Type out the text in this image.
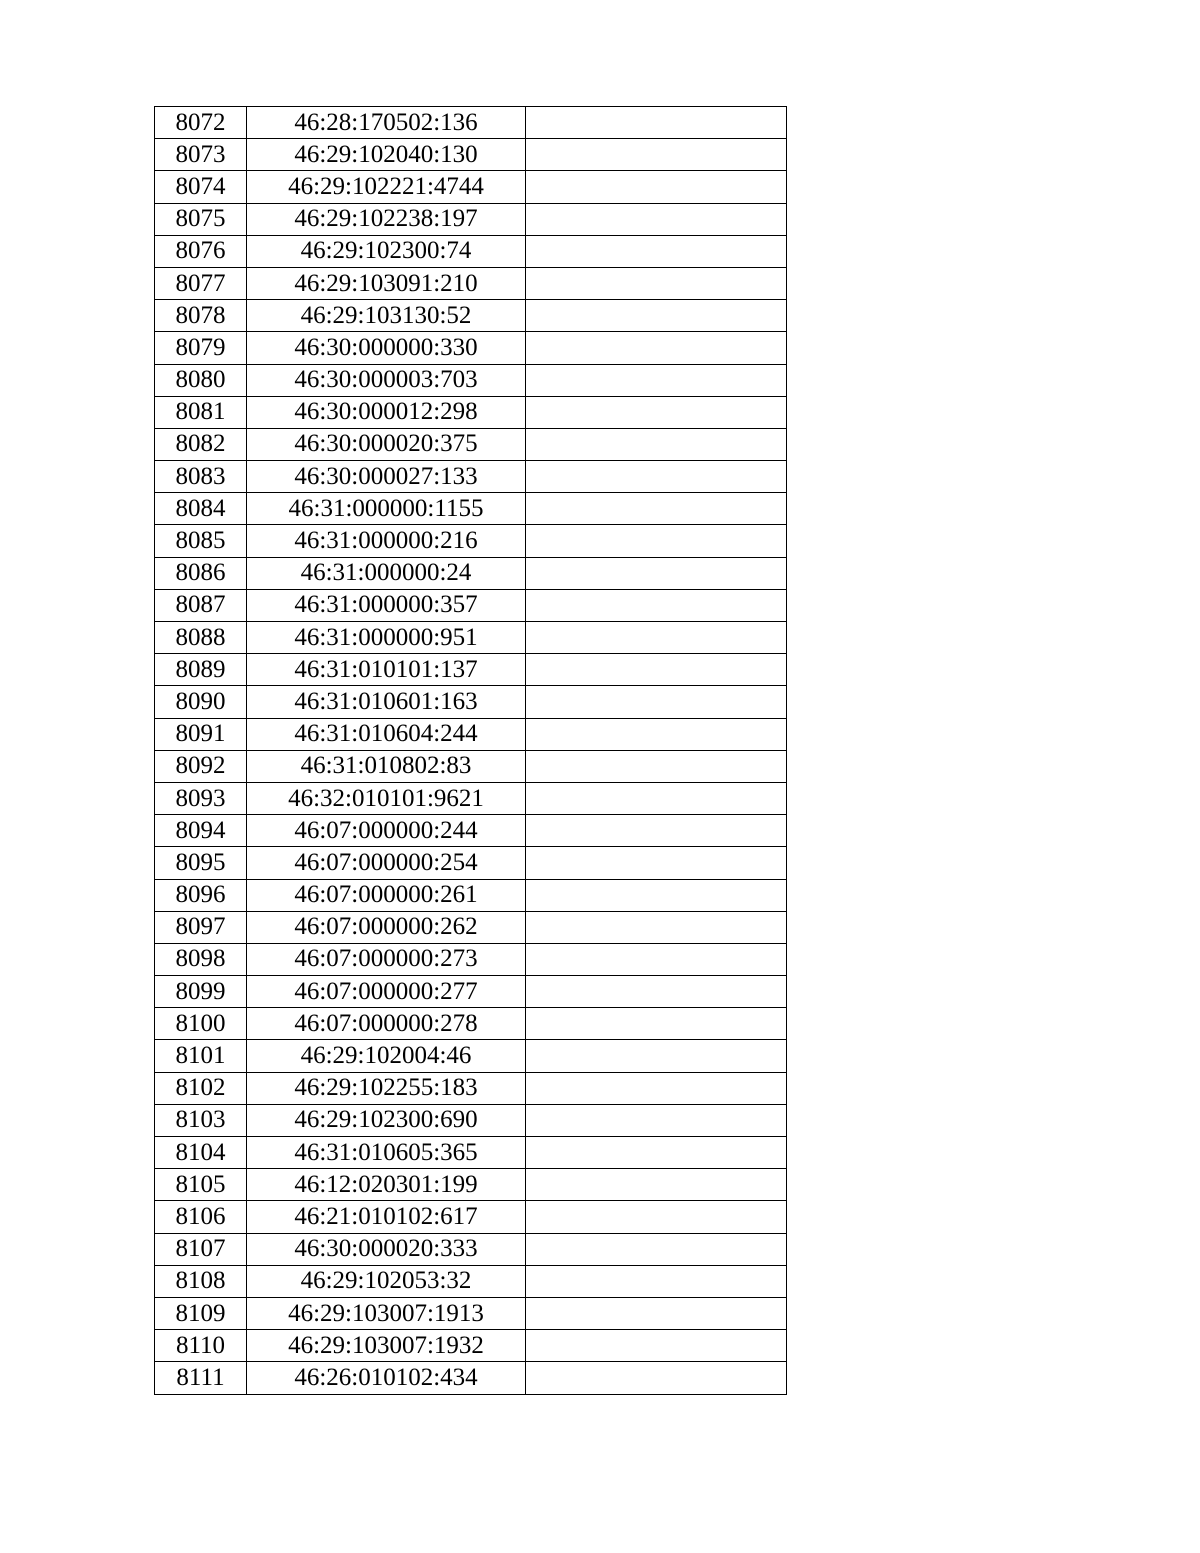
8072	46:28:170502:136	
8073	46:29:102040:130	
8074	46:29:102221:4744	
8075	46:29:102238:197	
8076	46:29:102300:74	
8077	46:29:103091:210	
8078	46:29:103130:52	
8079	46:30:000000:330	
8080	46:30:000003:703	
8081	46:30:000012:298	
8082	46:30:000020:375	
8083	46:30:000027:133	
8084	46:31:000000:1155	
8085	46:31:000000:216	
8086	46:31:000000:24	
8087	46:31:000000:357	
8088	46:31:000000:951	
8089	46:31:010101:137	
8090	46:31:010601:163	
8091	46:31:010604:244	
8092	46:31:010802:83	
8093	46:32:010101:9621	
8094	46:07:000000:244	
8095	46:07:000000:254	
8096	46:07:000000:261	
8097	46:07:000000:262	
8098	46:07:000000:273	
8099	46:07:000000:277	
8100	46:07:000000:278	
8101	46:29:102004:46	
8102	46:29:102255:183	
8103	46:29:102300:690	
8104	46:31:010605:365	
8105	46:12:020301:199	
8106	46:21:010102:617	
8107	46:30:000020:333	
8108	46:29:102053:32	
8109	46:29:103007:1913	
8110	46:29:103007:1932	
8111	46:26:010102:434	
